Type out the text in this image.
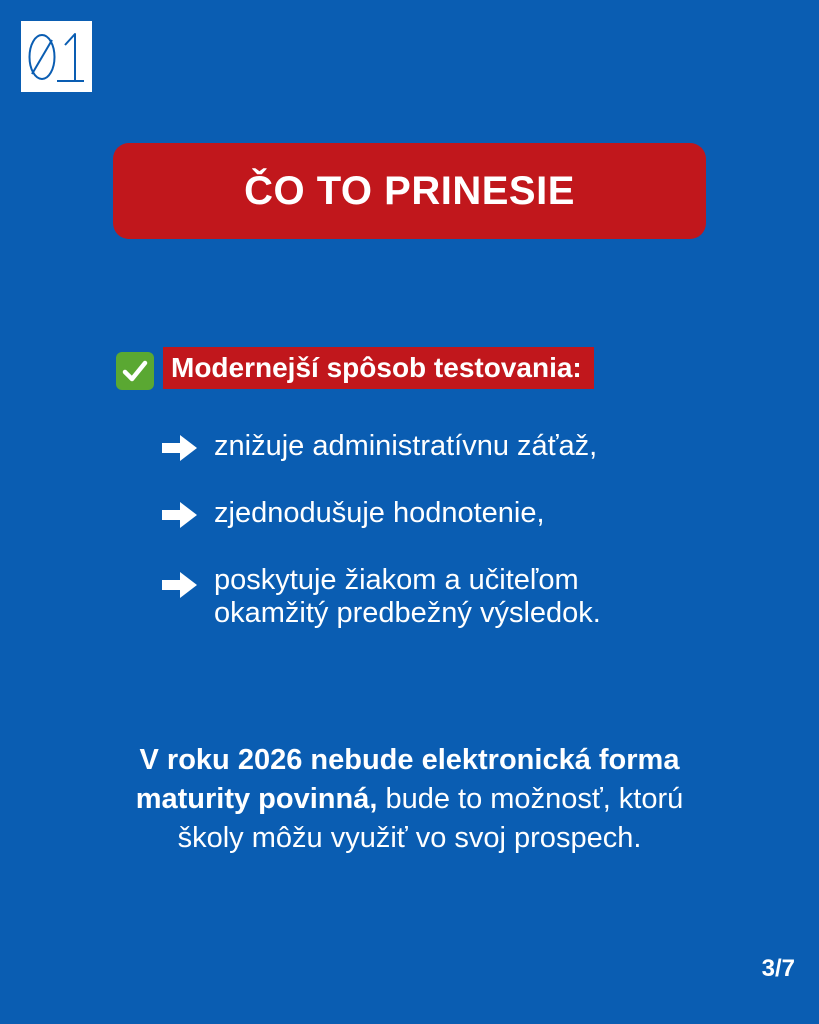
ČO TO PRINESIE
Modernejší spôsob testovania:
znižuje administratívnu záťaž,
zjednodušuje hodnotenie,
poskytuje žiakom a učiteľom
okamžitý predbežný výsledok.
V roku 2026 nebude elektronická forma
maturity povinná, bude to možnosť, ktorú
školy môžu využiť vo svoj prospech.
3/7
